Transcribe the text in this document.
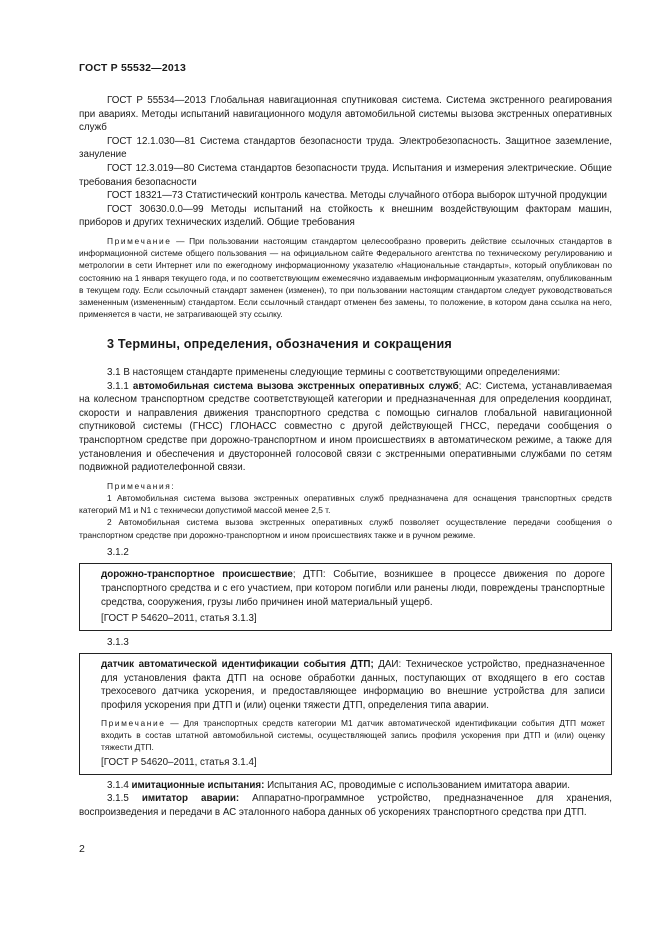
ГОСТ Р 55532—2013

ГОСТ Р 55534—2013 Глобальная навигационная спутниковая система. Система экстренного реагирования при авариях. Методы испытаний навигационного модуля автомобильной системы вызова экстренных оперативных служб

ГОСТ 12.1.030—81 Система стандартов безопасности труда. Электробезопасность. Защитное заземление, зануление

ГОСТ 12.3.019—80 Система стандартов безопасности труда. Испытания и измерения электрические. Общие требования безопасности

ГОСТ 18321—73 Статистический контроль качества. Методы случайного отбора выборок штучной продукции

ГОСТ 30630.0.0—99 Методы испытаний на стойкость к внешним воздействующим факторам машин, приборов и других технических изделий. Общие требования

Примечание — При пользовании настоящим стандартом целесообразно проверить действие ссылочных стандартов в информационной системе общего пользования — на официальном сайте Федерального агентства по техническому регулированию и метрологии в сети Интернет или по ежегодному информационному указателю «Национальные стандарты», который опубликован по состоянию на 1 января текущего года, и по соответствующим ежемесячно издаваемым информационным указателям, опубликованным в текущем году. Если ссылочный стандарт заменен (изменен), то при пользовании настоящим стандартом следует руководствоваться замененным (измененным) стандартом. Если ссылочный стандарт отменен без замены, то положение, в котором дана ссылка на него, применяется в части, не затрагивающей эту ссылку.

3 Термины, определения, обозначения и сокращения

3.1 В настоящем стандарте применены следующие термины с соответствующими определениями:

3.1.1 автомобильная система вызова экстренных оперативных служб; АС: Система, устанавливаемая на колесном транспортном средстве соответствующей категории и предназначенная для определения координат, скорости и направления движения транспортного средства с помощью сигналов глобальной навигационной спутниковой системы (ГНСС) ГЛОНАСС совместно с другой действующей ГНСС, передачи сообщения о транспортном средстве при дорожно-транспортном и ином происшествиях в автоматическом режиме, а также для установления и обеспечения и двусторонней голосовой связи с экстренными оперативными службами по сетям подвижной радиотелефонной связи.

Примечания:

1 Автомобильная система вызова экстренных оперативных служб предназначена для оснащения транспортных средств категорий М1 и N1 с технически допустимой массой менее 2,5 т.

2 Автомобильная система вызова экстренных оперативных служб позволяет осуществление передачи сообщения о транспортном средстве при дорожно-транспортном и ином происшествиях также и в ручном режиме.

3.1.2

дорожно-транспортное происшествие; ДТП: Событие, возникшее в процессе движения по дороге транспортного средства и с его участием, при котором погибли или ранены люди, повреждены транспортные средства, сооружения, грузы либо причинен иной материальный ущерб.

[ГОСТ Р 54620–2011, статья 3.1.3]
3.1.3

датчик автоматической идентификации события ДТП; ДАИ: Техническое устройство, предназначенное для установления факта ДТП на основе обработки данных, поступающих от входящего в его состав трехосевого датчика ускорения, и предоставляющее информацию во внешние устройства для записи профиля ускорения при ДТП и (или) оценки тяжести ДТП, определения типа аварии.

Примечание — Для транспортных средств категории М1 датчик автоматической идентификации события ДТП может входить в состав штатной автомобильной системы, осуществляющей запись профиля ускорения при ДТП и (или) оценку тяжести ДТП.

[ГОСТ Р 54620–2011, статья 3.1.4]

3.1.4 имитационные испытания: Испытания АС, проводимые с использованием имитатора аварии.

3.1.5 имитатор аварии: Аппаратно-программное устройство, предназначенное для хранения, воспроизведения и передачи в АС эталонного набора данных об ускорениях транспортного средства при ДТП.

2
